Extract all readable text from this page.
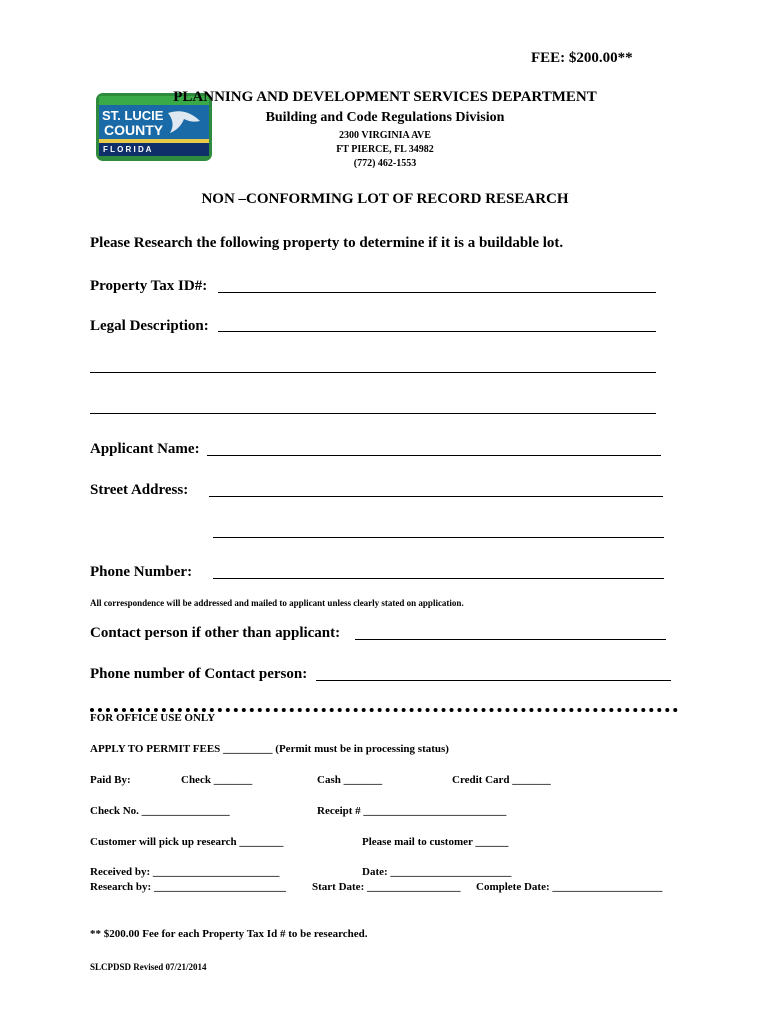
FEE: $200.00**
ST. LUCIE
COUNTY
F L O R I D A
PLANNING AND DEVELOPMENT SERVICES DEPARTMENT
Building and Code Regulations Division
2300 VIRGINIA AVE
FT PIERCE, FL 34982
(772) 462-1553
NON –CONFORMING LOT OF RECORD RESEARCH
Please Research the following property to determine if it is a buildable lot.
Property Tax ID#:
Legal Description:
Applicant Name:
Street Address:
Phone Number:
All correspondence will be addressed and mailed to applicant unless clearly stated on application.
Contact person if other than applicant:
Phone number of Contact person:
FOR OFFICE USE ONLY
APPLY TO PERMIT FEES _________ (Permit must be in processing status)
Paid By:	Check _______	Cash _______	Credit Card _______
Check No. ________________	Receipt # __________________________
Customer will pick up research ________	Please mail to customer ______
Received by: _______________________	Date: ______________________
Research by: ________________________ Start Date: _________________ Complete Date: ____________________
** $200.00 Fee for each Property Tax Id # to be researched.
SLCPDSD Revised 07/21/2014
